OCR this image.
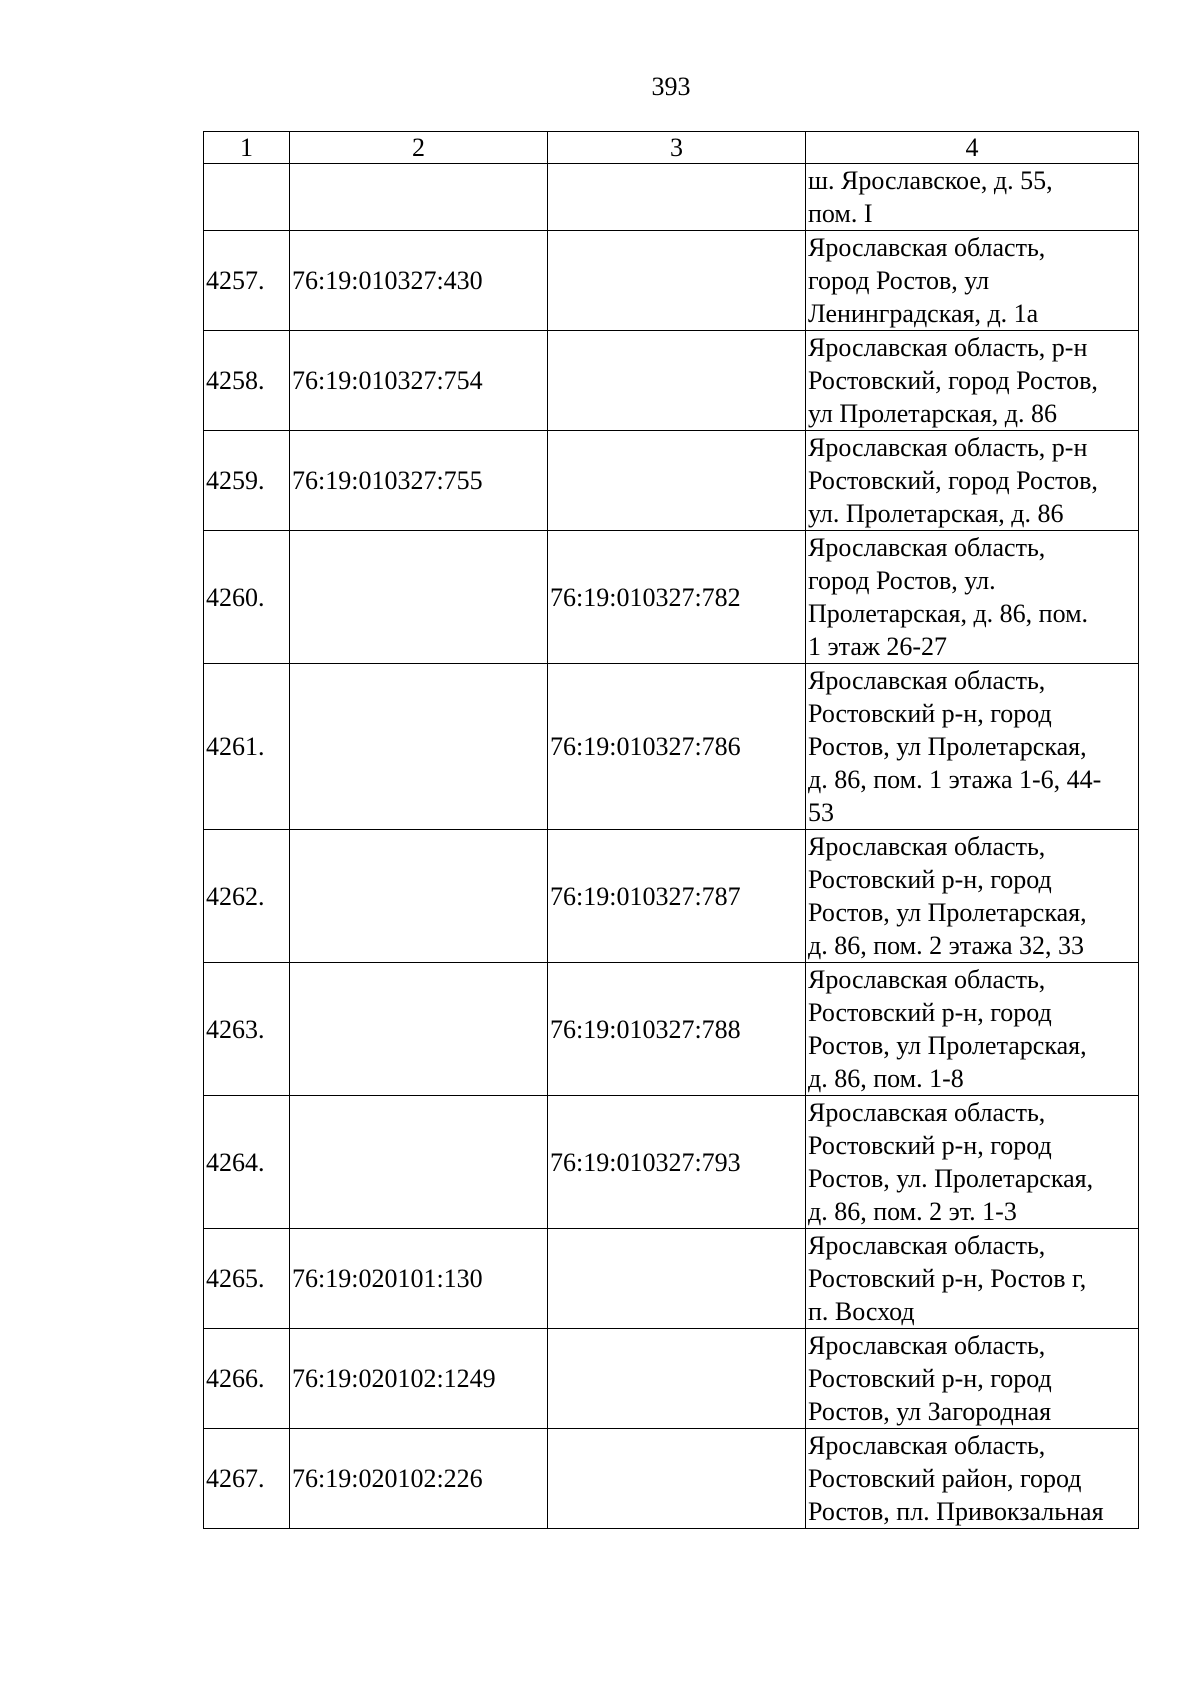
393
1	2	3	4

			ш. Ярославское, д. 55,
пом. I

4257.	76:19:010327:430		Ярославская область,
город Ростов, ул
Ленинградская, д. 1а

4258.	76:19:010327:754		Ярославская область, р-н
Ростовский, город Ростов,
ул Пролетарская, д. 86

4259.	76:19:010327:755		Ярославская область, р-н
Ростовский, город Ростов,
ул. Пролетарская, д. 86

4260.		76:19:010327:782	Ярославская область,
город Ростов, ул.
Пролетарская, д. 86, пом.
1 этаж 26-27

4261.		76:19:010327:786	Ярославская область,
Ростовский р-н, город
Ростов, ул Пролетарская,
д. 86, пом. 1 этажа 1-6, 44-
53

4262.		76:19:010327:787	Ярославская область,
Ростовский р-н, город
Ростов, ул Пролетарская,
д. 86, пом. 2 этажа 32, 33

4263.		76:19:010327:788	Ярославская область,
Ростовский р-н, город
Ростов, ул Пролетарская,
д. 86, пом. 1-8

4264.		76:19:010327:793	Ярославская область,
Ростовский р-н, город
Ростов, ул. Пролетарская,
д. 86, пом. 2 эт. 1-3

4265.	76:19:020101:130		Ярославская область,
Ростовский р-н, Ростов г,
п. Восход

4266.	76:19:020102:1249		Ярославская область,
Ростовский р-н, город
Ростов, ул Загородная

4267.	76:19:020102:226		Ярославская область,
Ростовский район, город
Ростов, пл. Привокзальная
